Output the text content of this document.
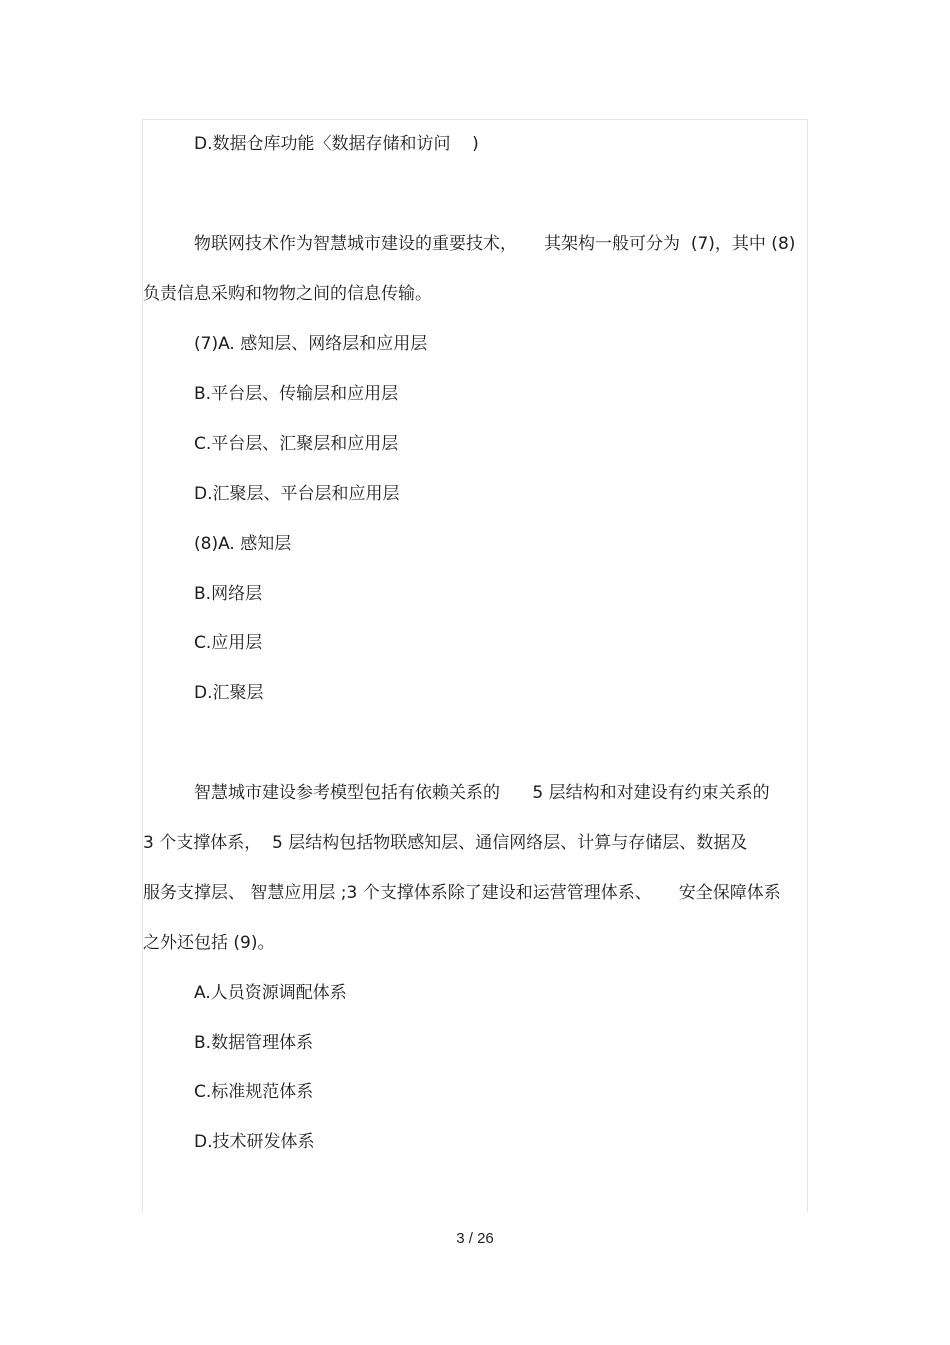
D.数据仓库功能〈数据存储和访问    )
物联网技术作为智慧城市建设的重要技术，     其架构一般可分为  (7)，其中 (8)
负责信息采购和物物之间的信息传输。
(7)A. 感知层、网络层和应用层
B.平台层、传输层和应用层
C.平台层、汇聚层和应用层
D.汇聚层、平台层和应用层
(8)A. 感知层
B.网络层
C.应用层
D.汇聚层
智慧城市建设参考模型包括有依赖关系的      5 层结构和对建设有约束关系的
3 个支撑体系，  5 层结构包括物联感知层、通信网络层、计算与存储层、数据及
服务支撑层、 智慧应用层 ;3 个支撑体系除了建设和运营管理体系、     安全保障体系
之外还包括 (9)。
A.人员资源调配体系
B.数据管理体系
C.标准规范体系
D.技术研发体系
3 / 26
